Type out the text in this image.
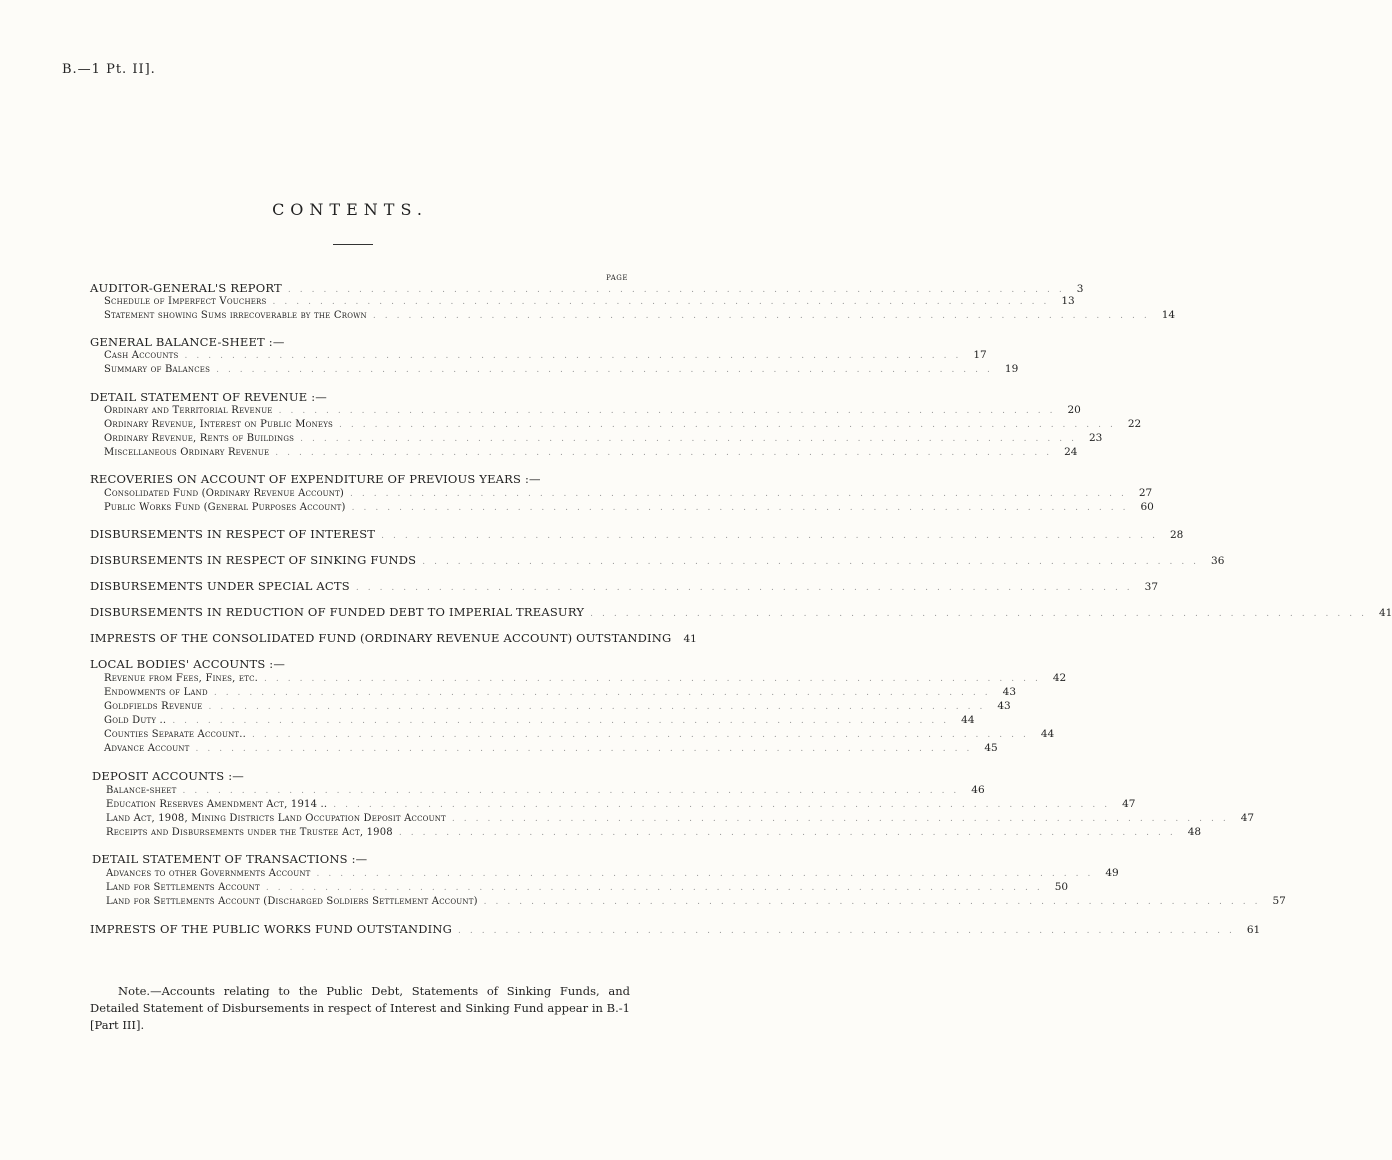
B.—1 Pt. II].
CONTENTS.
PAGE
AUDITOR-GENERAL'S REPORT .................................................................. 3
Schedule of Imperfect Vouchers .................................................................. 13
Statement showing Sums irrecoverable by the Crown .................................................................. 14
GENERAL BALANCE-SHEET :—
Cash Accounts .................................................................. 17
Summary of Balances .................................................................. 19
DETAIL STATEMENT OF REVENUE :—
Ordinary and Territorial Revenue .................................................................. 20
Ordinary Revenue, Interest on Public Moneys .................................................................. 22
Ordinary Revenue, Rents of Buildings .................................................................. 23
Miscellaneous Ordinary Revenue .................................................................. 24
RECOVERIES ON ACCOUNT OF EXPENDITURE OF PREVIOUS YEARS :—
Consolidated Fund (Ordinary Revenue Account) .................................................................. 27
Public Works Fund (General Purposes Account) .................................................................. 60
DISBURSEMENTS IN RESPECT OF INTEREST .................................................................. 28
DISBURSEMENTS IN RESPECT OF SINKING FUNDS .................................................................. 36
DISBURSEMENTS UNDER SPECIAL ACTS .................................................................. 37
DISBURSEMENTS IN REDUCTION OF FUNDED DEBT TO IMPERIAL TREASURY .................................................................. 41
IMPRESTS OF THE CONSOLIDATED FUND (ORDINARY REVENUE ACCOUNT) OUTSTANDING 41
LOCAL BODIES' ACCOUNTS :—
Revenue from Fees, Fines, etc. .................................................................. 42
Endowments of Land .................................................................. 43
Goldfields Revenue .................................................................. 43
Gold Duty .. .................................................................. 44
Counties Separate Account.. .................................................................. 44
Advance Account .................................................................. 45
DEPOSIT ACCOUNTS :—
Balance-sheet .................................................................. 46
Education Reserves Amendment Act, 1914 .. .................................................................. 47
Land Act, 1908, Mining Districts Land Occupation Deposit Account .................................................................. 47
Receipts and Disbursements under the Trustee Act, 1908 .................................................................. 48
DETAIL STATEMENT OF TRANSACTIONS :—
Advances to other Governments Account .................................................................. 49
Land for Settlements Account .................................................................. 50
Land for Settlements Account (Discharged Soldiers Settlement Account) .................................................................. 57
IMPRESTS OF THE PUBLIC WORKS FUND OUTSTANDING .................................................................. 61
Note.—Accounts relating to the Public Debt, Statements of Sinking Funds, and Detailed Statement of Disbursements in respect of Interest and Sinking Fund appear in B.-1 [Part III].
